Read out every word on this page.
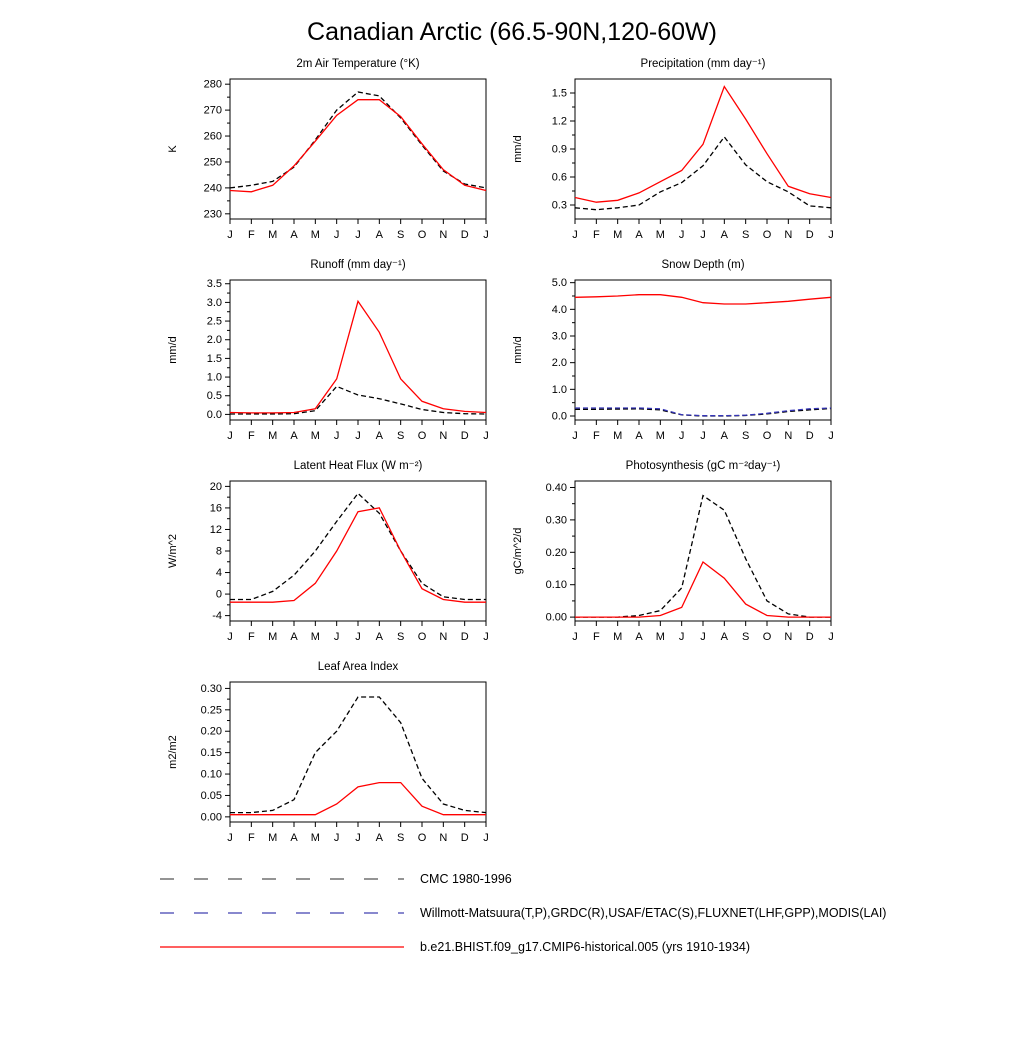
Canadian Arctic (66.5-90N,120-60W)
2m Air Temperature (°K)
K
230
240
250
260
270
280
J F M A M J J A S O N D J
Precipitation (mm day⁻¹)
mm/d
0.3
0.6
0.9
1.2
1.5
J F M A M J J A S O N D J
Runoff (mm day⁻¹)
mm/d
0.0
0.5
1.0
1.5
2.0
2.5
3.0
3.5
J F M A M J J A S O N D J
Snow Depth (m)
mm/d
0.0
1.0
2.0
3.0
4.0
5.0
J F M A M J J A S O N D J
Latent Heat Flux (W m⁻²)
W/m^2
-4
0
4
8
12
16
20
J F M A M J J A S O N D J
Photosynthesis (gC m⁻²day⁻¹)
gC/m^2/d
0.00
0.10
0.20
0.30
0.40
J F M A M J J A S O N D J
Leaf Area Index
m2/m2
0.00
0.05
0.10
0.15
0.20
0.25
0.30
J F M A M J J A S O N D J
CMC 1980-1996
Willmott-Matsuura(T,P),GRDC(R),USAF/ETAC(S),FLUXNET(LHF,GPP),MODIS(LAI)
b.e21.BHIST.f09_g17.CMIP6-historical.005 (yrs 1910-1934)
